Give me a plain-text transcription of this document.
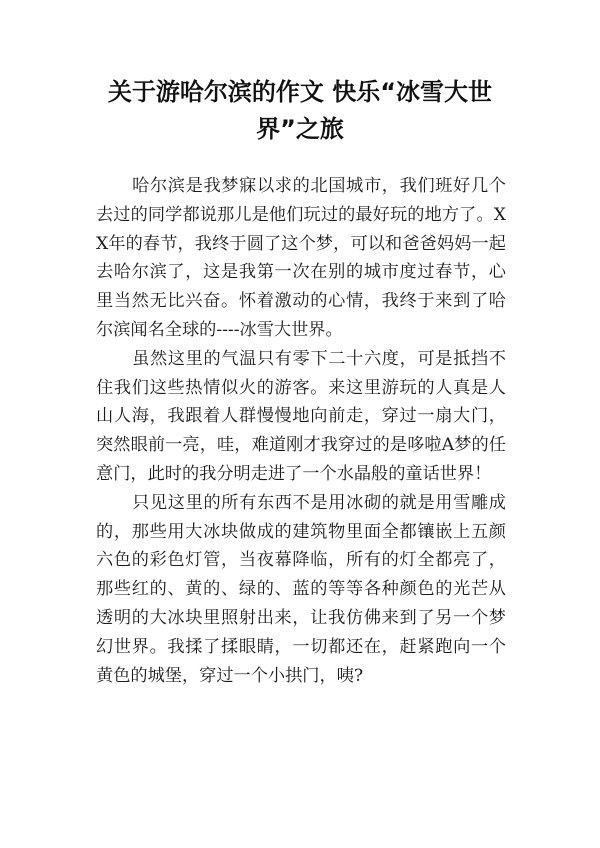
关于游哈尔滨的作文 快乐“冰雪大世界”之旅

哈尔滨是我梦寐以求的北国城市，我们班好几个去过的同学都说那儿是他们玩过的最好玩的地方了。XX年的春节，我终于圆了这个梦，可以和爸爸妈妈一起去哈尔滨了，这是我第一次在别的城市度过春节，心里当然无比兴奋。怀着激动的心情，我终于来到了哈尔滨闻名全球的----冰雪大世界。

虽然这里的气温只有零下二十六度，可是抵挡不住我们这些热情似火的游客。来这里游玩的人真是人山人海，我跟着人群慢慢地向前走，穿过一扇大门，突然眼前一亮，哇，难道刚才我穿过的是哆啦A梦的任意门，此时的我分明走进了一个水晶般的童话世界！

只见这里的所有东西不是用冰砌的就是用雪雕成的，那些用大冰块做成的建筑物里面全都镶嵌上五颜六色的彩色灯管，当夜幕降临，所有的灯全都亮了，那些红的、黄的、绿的、蓝的等等各种颜色的光芒从透明的大冰块里照射出来，让我仿佛来到了另一个梦幻世界。我揉了揉眼睛，一切都还在，赶紧跑向一个黄色的城堡，穿过一个小拱门，咦?
